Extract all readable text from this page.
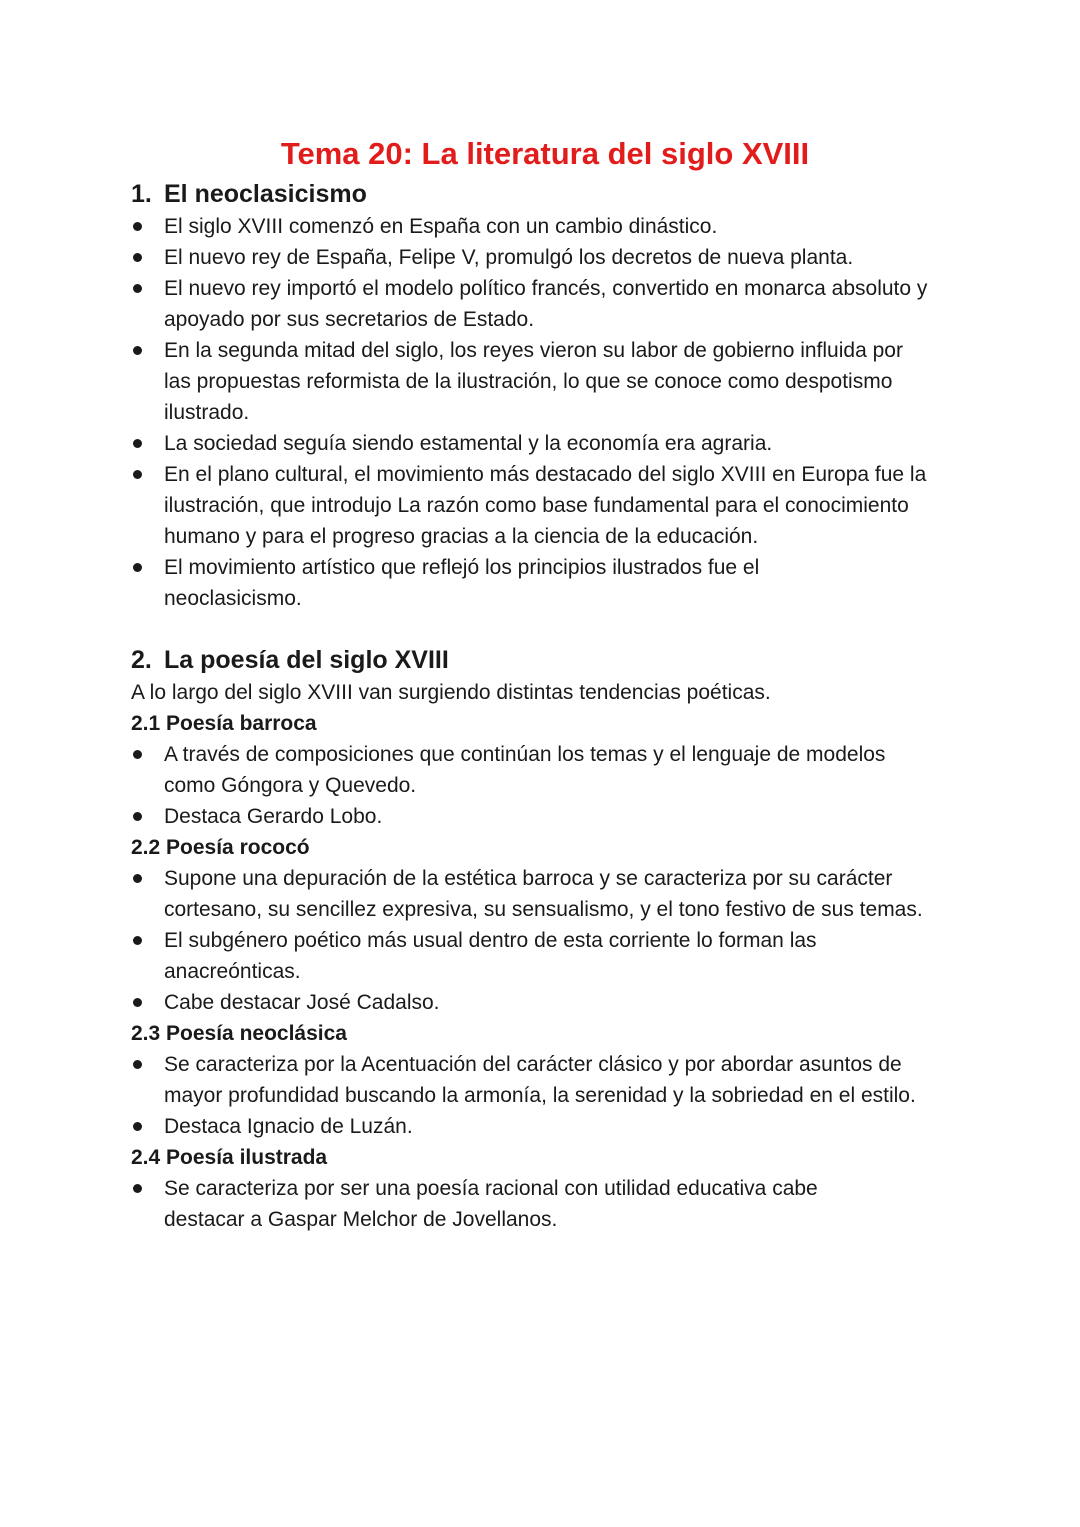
Tema 20: La literatura del siglo XVIII
1. El neoclasicismo
El siglo XVIII comenzó en España con un cambio dinástico.
El nuevo rey de España, Felipe V, promulgó los decretos de nueva planta.
El nuevo rey importó el modelo político francés, convertido en monarca absoluto y apoyado por sus secretarios de Estado.
En la segunda mitad del siglo, los reyes vieron su labor de gobierno influida por las propuestas reformista de la ilustración, lo que se conoce como despotismo ilustrado.
La sociedad seguía siendo estamental y la economía era agraria.
En el plano cultural, el movimiento más destacado del siglo XVIII en Europa fue la ilustración, que introdujo La razón como base fundamental para el conocimiento humano y para el progreso gracias a la ciencia de la educación.
El movimiento artístico que reflejó los principios ilustrados fue el neoclasicismo.
2. La poesía del siglo XVIII

A lo largo del siglo XVIII van surgiendo distintas tendencias poéticas.

2.1 Poesía barroca
A través de composiciones que continúan los temas y el lenguaje de modelos como Góngora y Quevedo.
Destaca Gerardo Lobo.
2.2 Poesía rococó
Supone una depuración de la estética barroca y se caracteriza por su carácter cortesano, su sencillez expresiva, su sensualismo, y el tono festivo de sus temas.
El subgénero poético más usual dentro de esta corriente lo forman las anacreónticas.
Cabe destacar José Cadalso.
2.3 Poesía neoclásica
Se caracteriza por la Acentuación del carácter clásico y por abordar asuntos de mayor profundidad buscando la armonía, la serenidad y la sobriedad en el estilo.
Destaca Ignacio de Luzán.
2.4 Poesía ilustrada
Se caracteriza por ser una poesía racional con utilidad educativa cabe destacar a Gaspar Melchor de Jovellanos.
